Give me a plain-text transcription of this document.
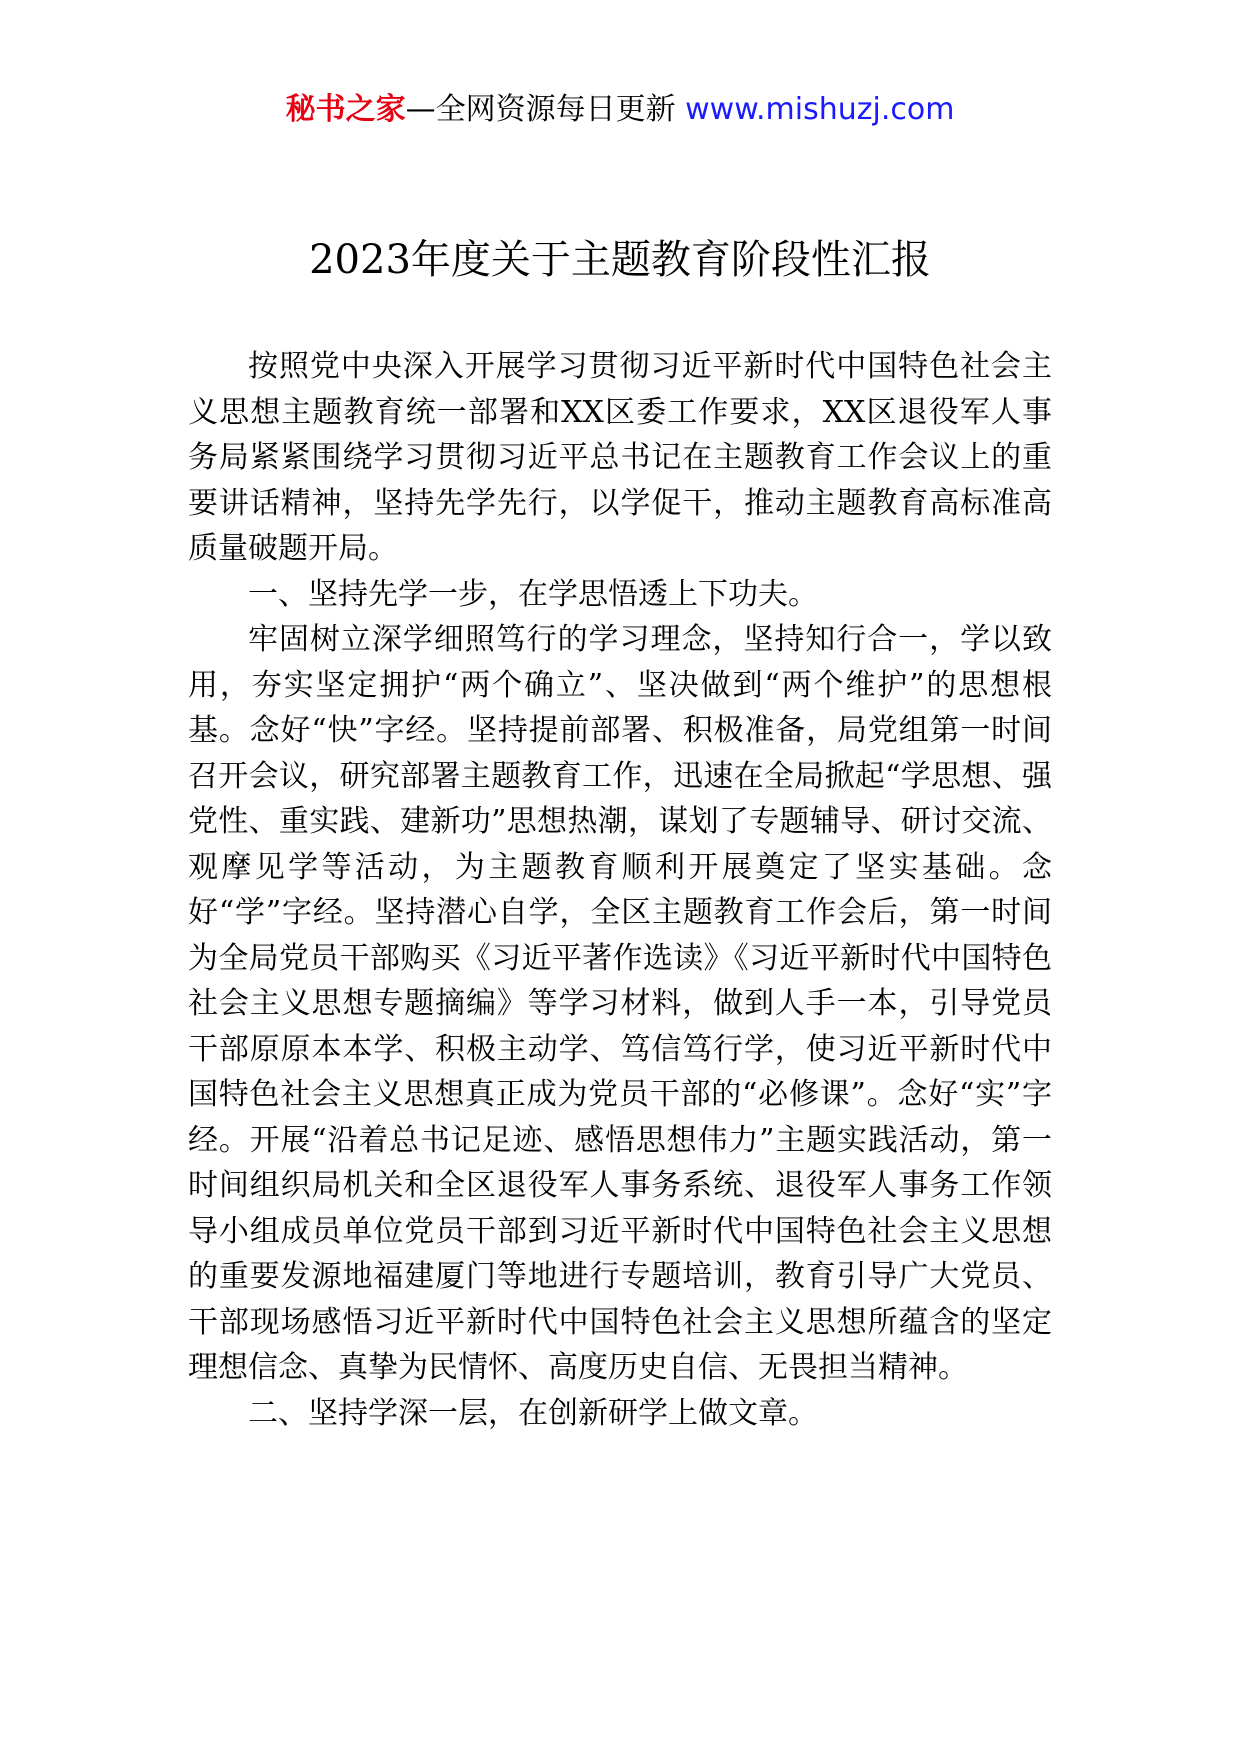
秘书之家—全网资源每日更新 www.mishuzj.com
2023年度关于主题教育阶段性汇报

按照党中央深入开展学习贯彻习近平新时代中国特色社会主义思想主题教育统一部署和XX区委工作要求，XX区退役军人事务局紧紧围绕学习贯彻习近平总书记在主题教育工作会议上的重要讲话精神，坚持先学先行，以学促干，推动主题教育高标准高质量破题开局。

一、坚持先学一步，在学思悟透上下功夫。

牢固树立深学细照笃行的学习理念，坚持知行合一，学以致用，夯实坚定拥护“两个确立”、坚决做到“两个维护”的思想根基。念好“快”字经。坚持提前部署、积极准备，局党组第一时间召开会议，研究部署主题教育工作，迅速在全局掀起“学思想、强党性、重实践、建新功”思想热潮，谋划了专题辅导、研讨交流、观摩见学等活动，为主题教育顺利开展奠定了坚实基础。念好“学”字经。坚持潜心自学，全区主题教育工作会后，第一时间为全局党员干部购买《习近平著作选读》《习近平新时代中国特色社会主义思想专题摘编》等学习材料，做到人手一本，引导党员干部原原本本学、积极主动学、笃信笃行学，使习近平新时代中国特色社会主义思想真正成为党员干部的“必修课”。念好“实”字经。开展“沿着总书记足迹、感悟思想伟力”主题实践活动，第一时间组织局机关和全区退役军人事务系统、退役军人事务工作领导小组成员单位党员干部到习近平新时代中国特色社会主义思想的重要发源地福建厦门等地进行专题培训，教育引导广大党员、干部现场感悟习近平新时代中国特色社会主义思想所蕴含的坚定理想信念、真挚为民情怀、高度历史自信、无畏担当精神。

二、坚持学深一层，在创新研学上做文章。
